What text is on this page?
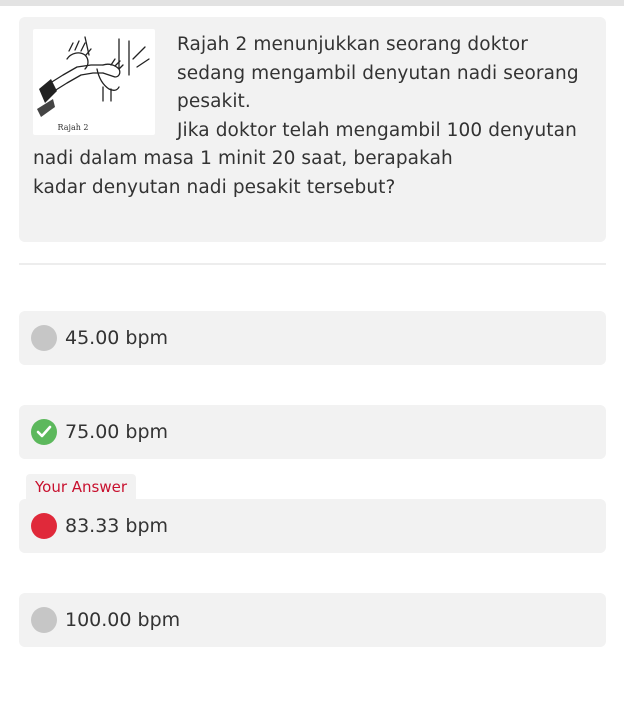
Rajah 2

Rajah 2 menunjukkan seorang doktor sedang mengambil denyutan nadi seorang pesakit.

Jika doktor telah mengambil 100 denyutan nadi dalam masa 1 minit 20 saat, berapakah

kadar denyutan nadi pesakit tersebut?

45.00 bpm
75.00 bpm
Your Answer
83.33 bpm
100.00 bpm
